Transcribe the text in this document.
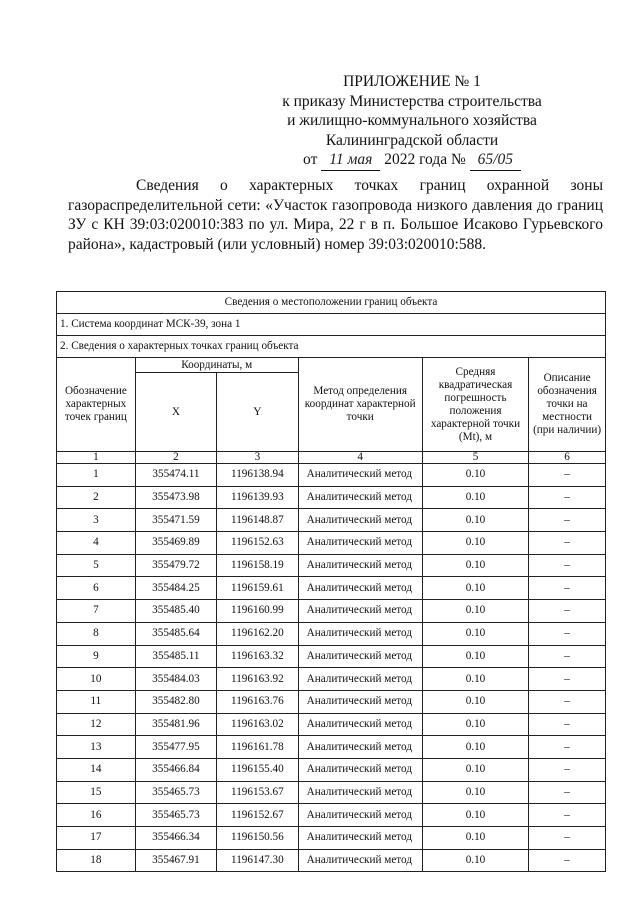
ПРИЛОЖЕНИЕ № 1
к приказу Министерства строительства
и жилищно-коммунального хозяйства
Калининградской области
от 11 мая 2022 года № 65/05
Сведения о характерных точках границ охранной зоны газораспределительной сети: «Участок газопровода низкого давления до границ ЗУ с КН 39:03:020010:383 по ул. Мира, 22 г в п. Большое Исаково Гурьевского района», кадастровый (или условный) номер 39:03:020010:588.
Сведения о местоположении границ объекта					
1. Система координат МСК-39, зона 1					
2. Сведения о характерных точках границ объекта					
Обозначение характерных точек границ	Координаты, м		Метод определения координат характерной точки	Средняя квадратическая погрешность положения характерной точки (Mt), м	Описание обозначения точки на местности (при наличии)
	X	Y			
1	2	3	4	5	6
1	355474.11	1196138.94	Аналитический метод	0.10	–
2	355473.98	1196139.93	Аналитический метод	0.10	–
3	355471.59	1196148.87	Аналитический метод	0.10	–
4	355469.89	1196152.63	Аналитический метод	0.10	–
5	355479.72	1196158.19	Аналитический метод	0.10	–
6	355484.25	1196159.61	Аналитический метод	0.10	–
7	355485.40	1196160.99	Аналитический метод	0.10	–
8	355485.64	1196162.20	Аналитический метод	0.10	–
9	355485.11	1196163.32	Аналитический метод	0.10	–
10	355484.03	1196163.92	Аналитический метод	0.10	–
11	355482.80	1196163.76	Аналитический метод	0.10	–
12	355481.96	1196163.02	Аналитический метод	0.10	–
13	355477.95	1196161.78	Аналитический метод	0.10	–
14	355466.84	1196155.40	Аналитический метод	0.10	–
15	355465.73	1196153.67	Аналитический метод	0.10	–
16	355465.73	1196152.67	Аналитический метод	0.10	–
17	355466.34	1196150.56	Аналитический метод	0.10	–
18	355467.91	1196147.30	Аналитический метод	0.10	–
